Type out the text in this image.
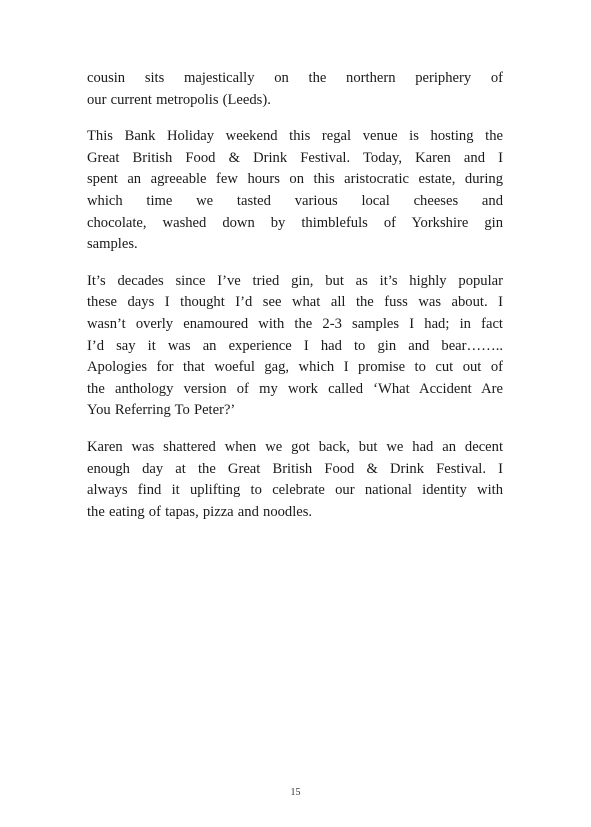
cousin sits majestically on the northern periphery of
our current metropolis (Leeds).

This Bank Holiday weekend this regal venue is hosting the
Great British Food & Drink Festival. Today, Karen and I
spent an agreeable few hours on this aristocratic estate, during
which time we tasted various local cheeses and
chocolate, washed down by thimblefuls of Yorkshire gin
samples.

It’s decades since I’ve tried gin, but as it’s highly popular
these days I thought I’d see what all the fuss was about. I
wasn’t overly enamoured with the 2-3 samples I had; in fact
I’d say it was an experience I had to gin and bear……..
Apologies for that woeful gag, which I promise to cut out of
the anthology version of my work called ‘What Accident Are
You Referring To Peter?’

Karen was shattered when we got back, but we had an decent
enough day at the Great British Food & Drink Festival. I
always find it uplifting to celebrate our national identity with
the eating of tapas, pizza and noodles.

15
